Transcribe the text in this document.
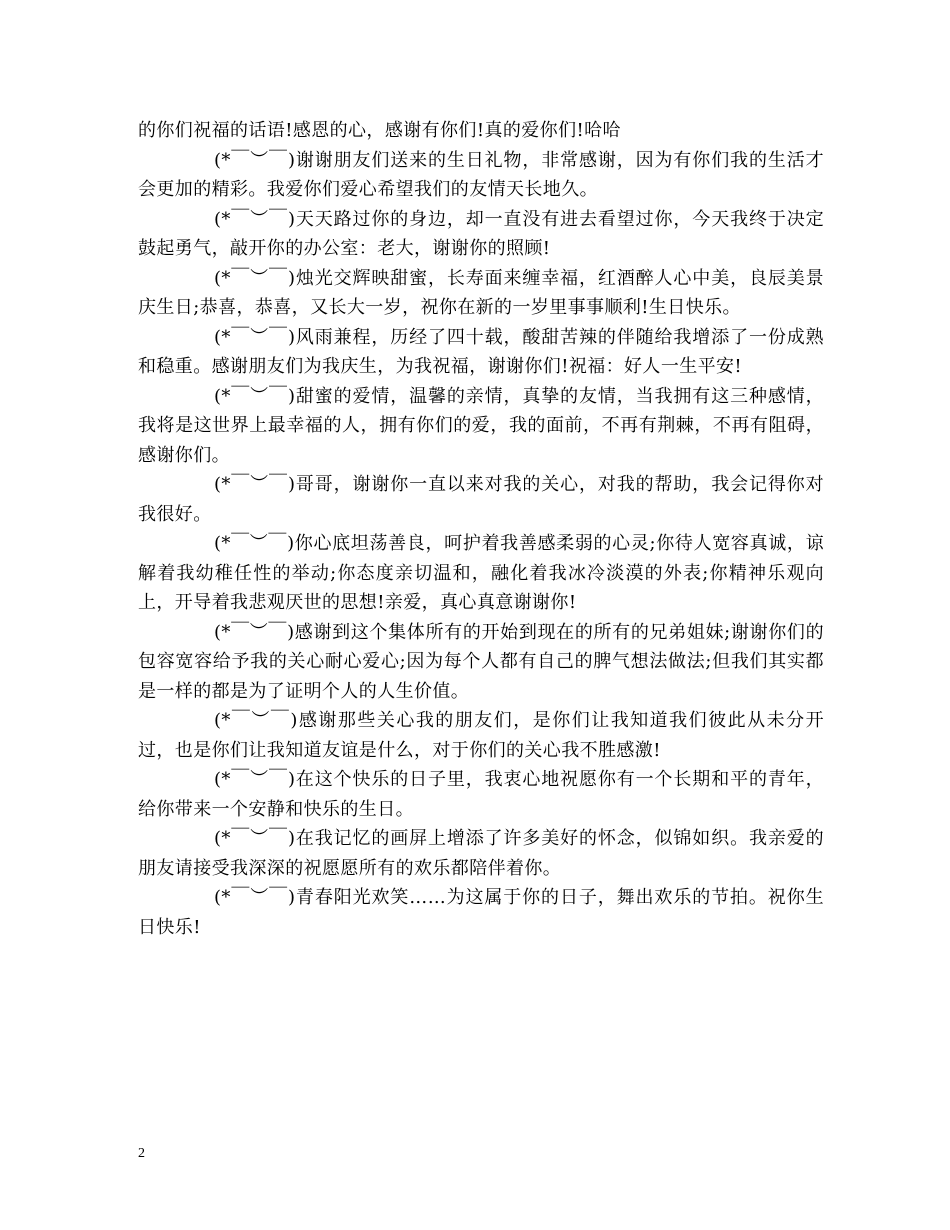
的你们祝福的话语!感恩的心，感谢有你们!真的爱你们!哈哈

(*￣︶￣)谢谢朋友们送来的生日礼物，非常感谢，因为有你们我的生活才会更加的精彩。我爱你们爱心希望我们的友情天长地久。

(*￣︶￣)天天路过你的身边，却一直没有进去看望过你，今天我终于决定鼓起勇气，敲开你的办公室：老大，谢谢你的照顾!

(*￣︶￣)烛光交辉映甜蜜，长寿面来缠幸福，红酒醉人心中美，良辰美景庆生日;恭喜，恭喜，又长大一岁，祝你在新的一岁里事事顺利!生日快乐。

(*￣︶￣)风雨兼程，历经了四十载，酸甜苦辣的伴随给我增添了一份成熟和稳重。感谢朋友们为我庆生，为我祝福，谢谢你们!祝福：好人一生平安!

(*￣︶￣)甜蜜的爱情，温馨的亲情，真挚的友情，当我拥有这三种感情，我将是这世界上最幸福的人，拥有你们的爱，我的面前，不再有荆棘，不再有阻碍，感谢你们。

(*￣︶￣)哥哥，谢谢你一直以来对我的关心，对我的帮助，我会记得你对我很好。

(*￣︶￣)你心底坦荡善良，呵护着我善感柔弱的心灵;你待人宽容真诚，谅解着我幼稚任性的举动;你态度亲切温和，融化着我冰冷淡漠的外表;你精神乐观向上，开导着我悲观厌世的思想!亲爱，真心真意谢谢你!

(*￣︶￣)感谢到这个集体所有的开始到现在的所有的兄弟姐妹;谢谢你们的包容宽容给予我的关心耐心爱心;因为每个人都有自己的脾气想法做法;但我们其实都是一样的都是为了证明个人的人生价值。

(*￣︶￣)感谢那些关心我的朋友们，是你们让我知道我们彼此从未分开过，也是你们让我知道友谊是什么，对于你们的关心我不胜感激!

(*￣︶￣)在这个快乐的日子里，我衷心地祝愿你有一个长期和平的青年，给你带来一个安静和快乐的生日。

(*￣︶￣)在我记忆的画屏上增添了许多美好的怀念，似锦如织。我亲爱的朋友请接受我深深的祝愿愿所有的欢乐都陪伴着你。

(*￣︶￣)青春阳光欢笑……为这属于你的日子，舞出欢乐的节拍。祝你生日快乐!

2
